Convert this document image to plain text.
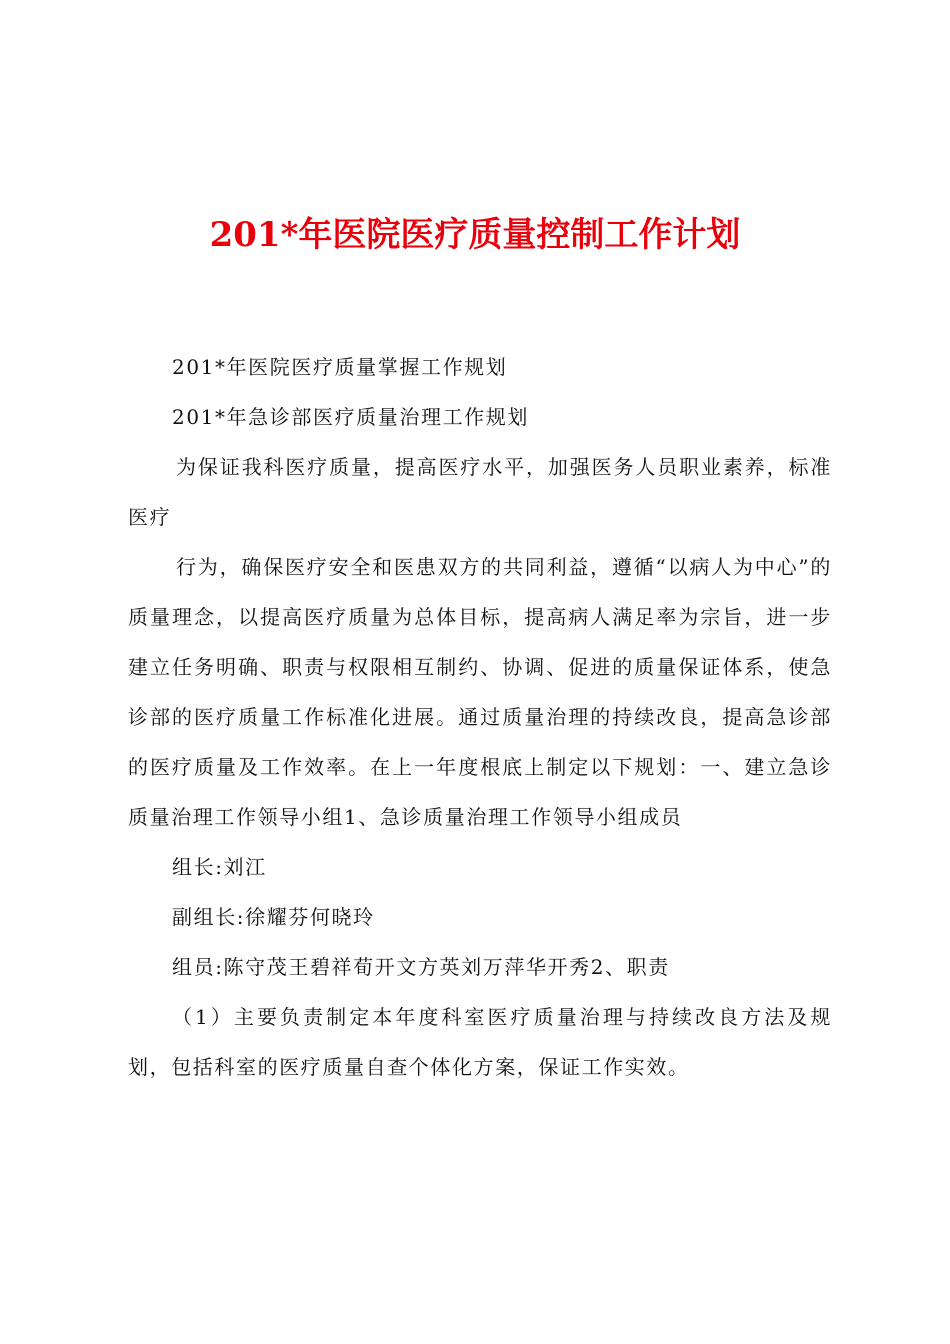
201*年医院医疗质量控制工作计划

201*年医院医疗质量掌握工作规划

201*年急诊部医疗质量治理工作规划

为保证我科医疗质量，提高医疗水平，加强医务人员职业素养，标准医疗

行为，确保医疗安全和医患双方的共同利益，遵循“以病人为中心”的质量理念，以提高医疗质量为总体目标，提高病人满足率为宗旨，进一步建立任务明确、职责与权限相互制约、协调、促进的质量保证体系，使急诊部的医疗质量工作标准化进展。通过质量治理的持续改良，提高急诊部的医疗质量及工作效率。在上一年度根底上制定以下规划：一、建立急诊质量治理工作领导小组1、急诊质量治理工作领导小组成员

组长:刘江

副组长:徐耀芬何晓玲

组员:陈守茂王碧祥荀开文方英刘万萍华开秀2、职责

（1）主要负责制定本年度科室医疗质量治理与持续改良方法及规划，包括科室的医疗质量自查个体化方案，保证工作实效。
